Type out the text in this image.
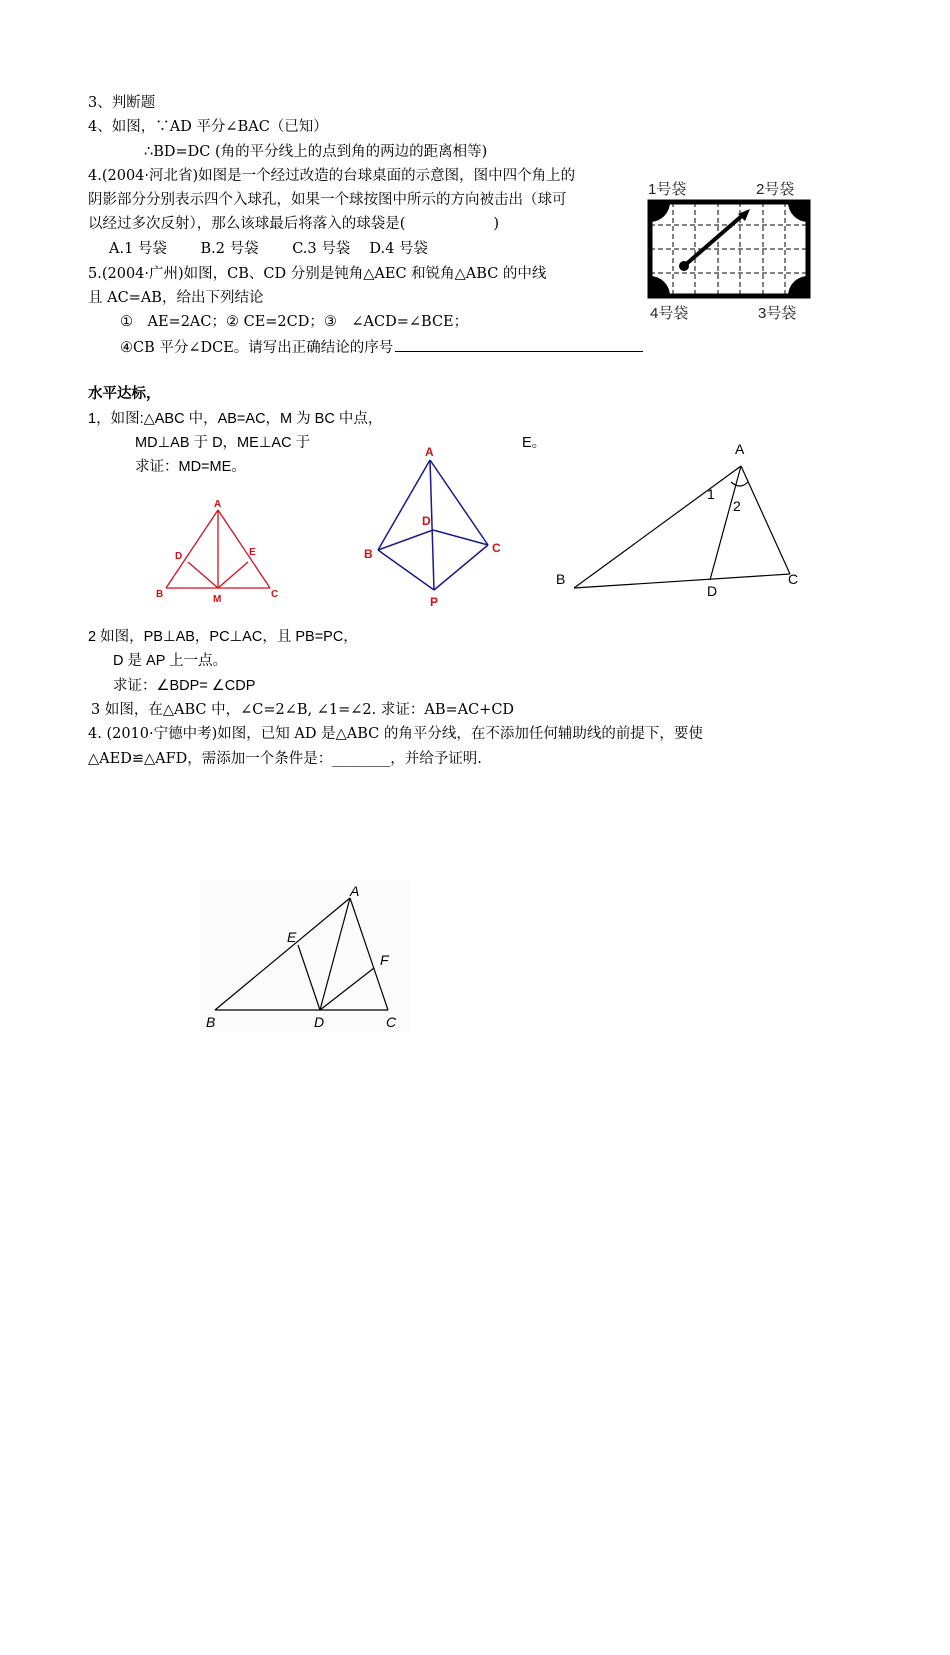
3、判断题
4、如图，∵AD 平分∠BAC（已知）
∴BD=DC (角的平分线上的点到角的两边的距离相等)
4.(2004·河北省)如图是一个经过改造的台球桌面的示意图，图中四个角上的
阴影部分分别表示四个入球孔，如果一个球按图中所示的方向被击出（球可
以经过多次反射），那么该球最后将落入的球袋是(	)
A.1 号袋　　 B.2 号袋　　 C.3 号袋　 D.4 号袋
5.(2004·广州)如图，CB、CD 分别是钝角△AEC 和锐角△ABC 的中线
且 AC=AB，给出下列结论
①　AE=2AC；② CE=2CD；③　∠ACD=∠BCE；
④CB 平分∠DCE。请写出正确结论的序号
水平达标，
1，如图:△ABC 中，AB=AC，M 为 BC 中点，
MD⊥AB 于 D，ME⊥AC 于	E。
求证：MD=ME。
2 如图，PB⊥AB，PC⊥AC，且 PB=PC，
D 是 AP 上一点。
求证：∠BDP= ∠CDP
3 如图，在△ABC 中，∠C=2∠B, ∠1=∠2. 求证：AB=AC+CD
4. (2010·宁德中考)如图，已知 AD 是△ABC 的角平分线，在不添加任何辅助线的前提下，要使
△AED≌△AFD，需添加一个条件是：________，并给予证明.
1号袋	2号袋
4号袋	3号袋
A
D	E
B	M	C
A
D
B	C
P
A
B	C
D
1
2
A
E
F
B	D	C
